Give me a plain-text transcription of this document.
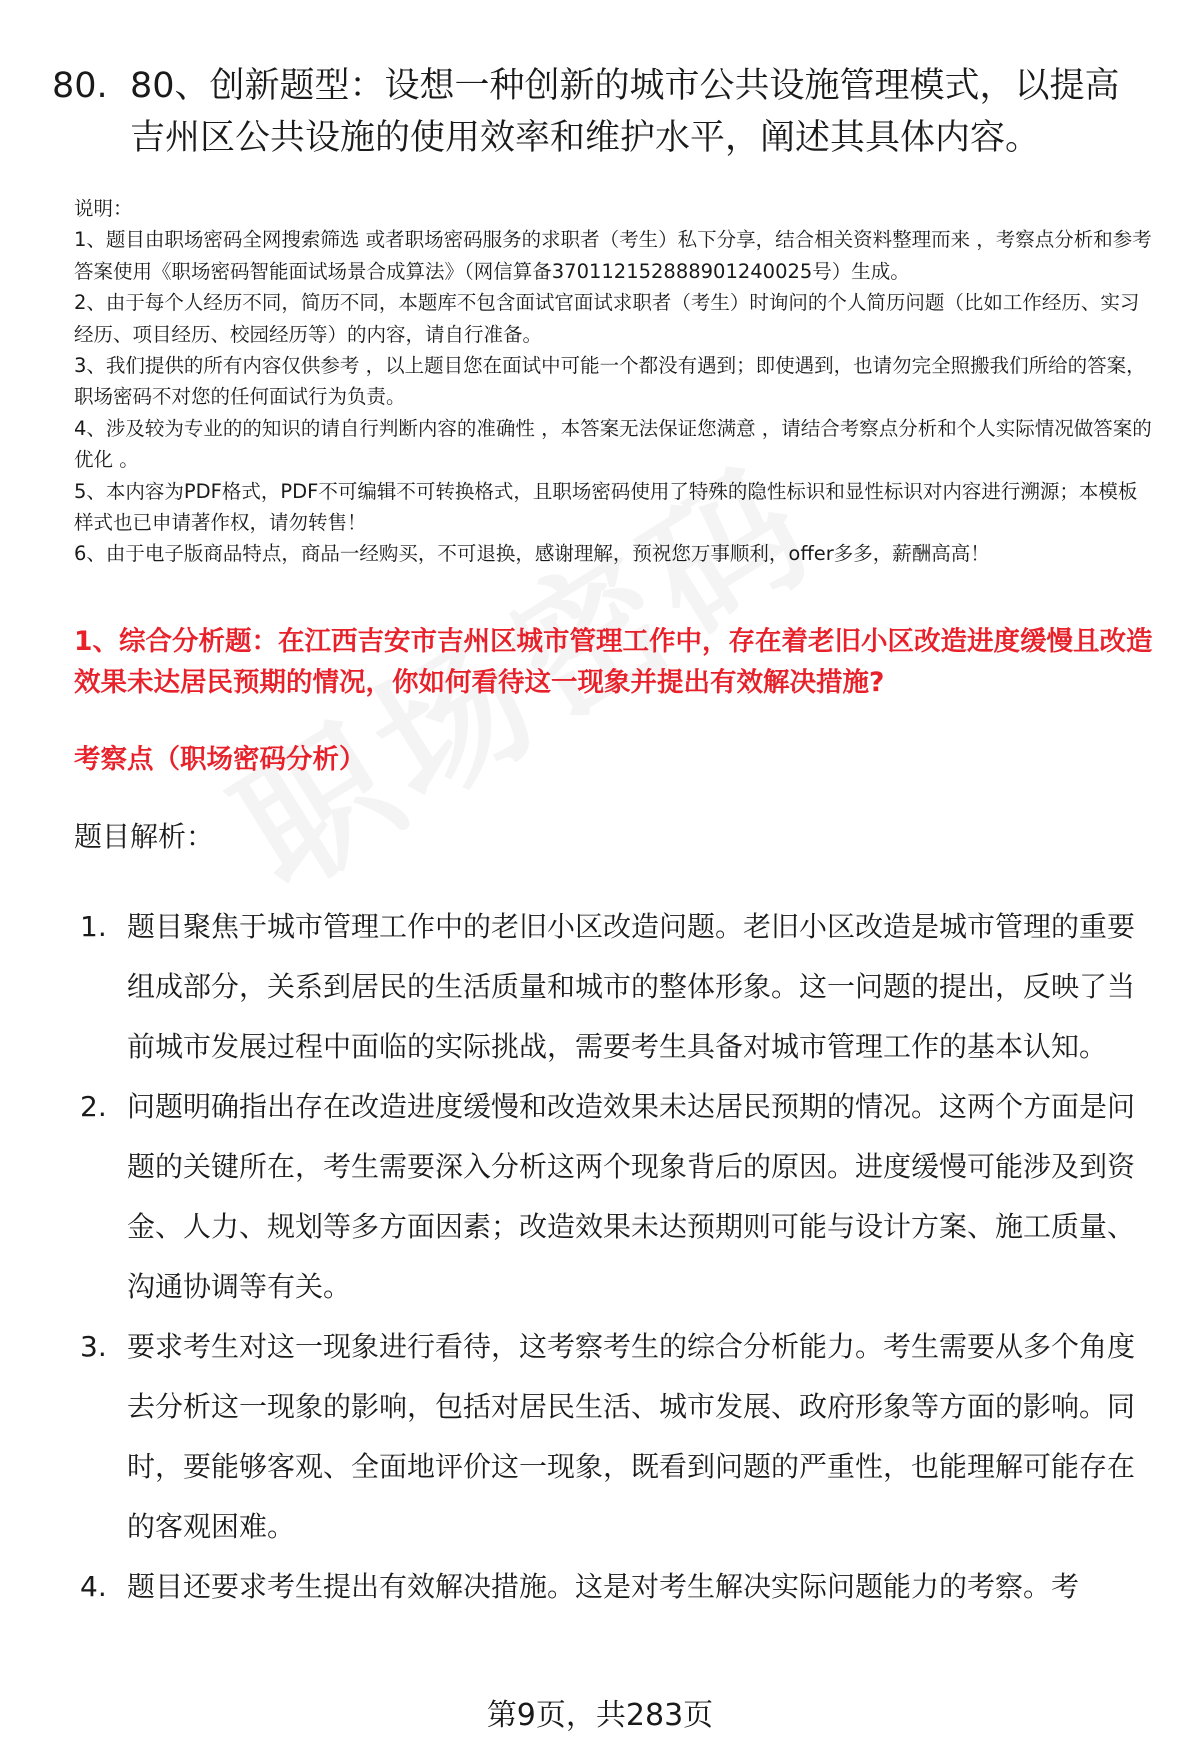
80. 80、创新题型：设想一种创新的城市公共设施管理模式，以提高吉州区公共设施的使用效率和维护水平，阐述其具体内容。

说明：

1、题目由职场密码全网搜索筛选 或者职场密码服务的求职者（考生）私下分享，结合相关资料整理而来 ，考察点分析和参考答案使用《职场密码智能面试场景合成算法》（网信算备370112152888901240025号）生成。

2、由于每个人经历不同，简历不同，本题库不包含面试官面试求职者（考生）时询问的个人简历问题（比如工作经历、实习经历、项目经历、校园经历等）的内容，请自行准备。

3、我们提供的所有内容仅供参考 ，以上题目您在面试中可能一个都没有遇到；即使遇到，也请勿完全照搬我们所给的答案，职场密码不对您的任何面试行为负责。

4、涉及较为专业的的知识的请自行判断内容的准确性 ，本答案无法保证您满意 ，请结合考察点分析和个人实际情况做答案的优化 。

5、本内容为PDF格式，PDF不可编辑不可转换格式，且职场密码使用了特殊的隐性标识和显性标识对内容进行溯源；本模板样式也已申请著作权，请勿转售！

6、由于电子版商品特点，商品一经购买，不可退换，感谢理解，预祝您万事顺利，offer多多，薪酬高高！

1、综合分析题：在江西吉安市吉州区城市管理工作中，存在着老旧小区改造进度缓慢且改造效果未达居民预期的情况，你如何看待这一现象并提出有效解决措施?
考察点（职场密码分析）
题目解析：
1. 题目聚焦于城市管理工作中的老旧小区改造问题。老旧小区改造是城市管理的重要组成部分，关系到居民的生活质量和城市的整体形象。这一问题的提出，反映了当前城市发展过程中面临的实际挑战，需要考生具备对城市管理工作的基本认知。
2. 问题明确指出存在改造进度缓慢和改造效果未达居民预期的情况。这两个方面是问题的关键所在，考生需要深入分析这两个现象背后的原因。进度缓慢可能涉及到资金、人力、规划等多方面因素；改造效果未达预期则可能与设计方案、施工质量、沟通协调等有关。
3. 要求考生对这一现象进行看待，这考察考生的综合分析能力。考生需要从多个角度去分析这一现象的影响，包括对居民生活、城市发展、政府形象等方面的影响。同时，要能够客观、全面地评价这一现象，既看到问题的严重性，也能理解可能存在的客观困难。
4. 题目还要求考生提出有效解决措施。这是对考生解决实际问题能力的考察。考
第9页，共283页
